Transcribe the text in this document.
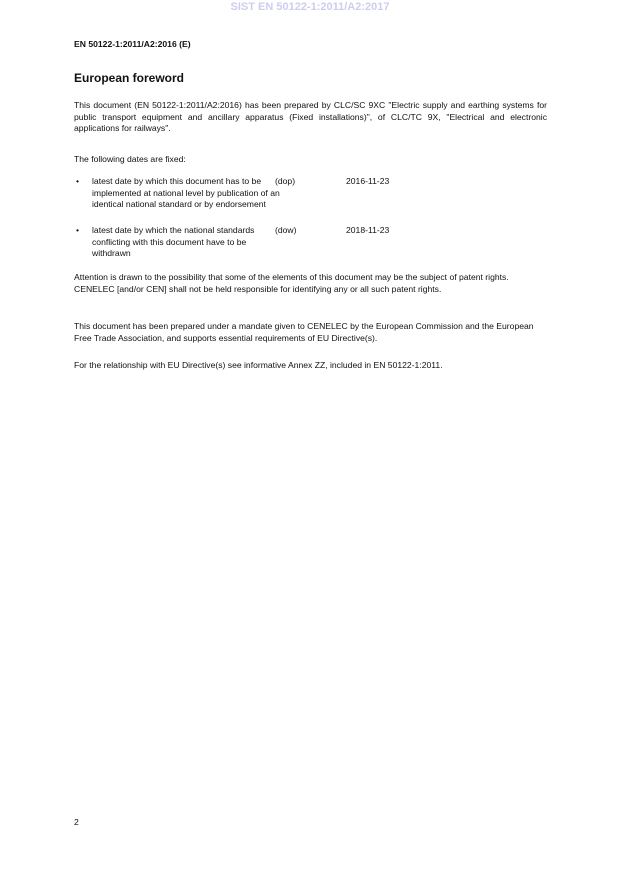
SIST EN 50122-1:2011/A2:2017
EN 50122-1:2011/A2:2016 (E)
European foreword

This document (EN 50122-1:2011/A2:2016) has been prepared by CLC/SC 9XC "Electric supply and earthing systems for public transport equipment and ancillary apparatus (Fixed installations)", of CLC/TC 9X, "Electrical and electronic applications for railways".

The following dates are fixed:

• latest date by which this document has to be implemented at national level by publication of an identical national standard or by endorsement
(dop)	2016-11-23
• latest date by which the national standards conflicting with this document have to be withdrawn
(dow)	2018-11-23

Attention is drawn to the possibility that some of the elements of this document may be the subject of patent rights. CENELEC [and/or CEN] shall not be held responsible for identifying any or all such patent rights.

This document has been prepared under a mandate given to CENELEC by the European Commission and the European Free Trade Association, and supports essential requirements of EU Directive(s).

For the relationship with EU Directive(s) see informative Annex ZZ, included in EN 50122-1:2011.

2
